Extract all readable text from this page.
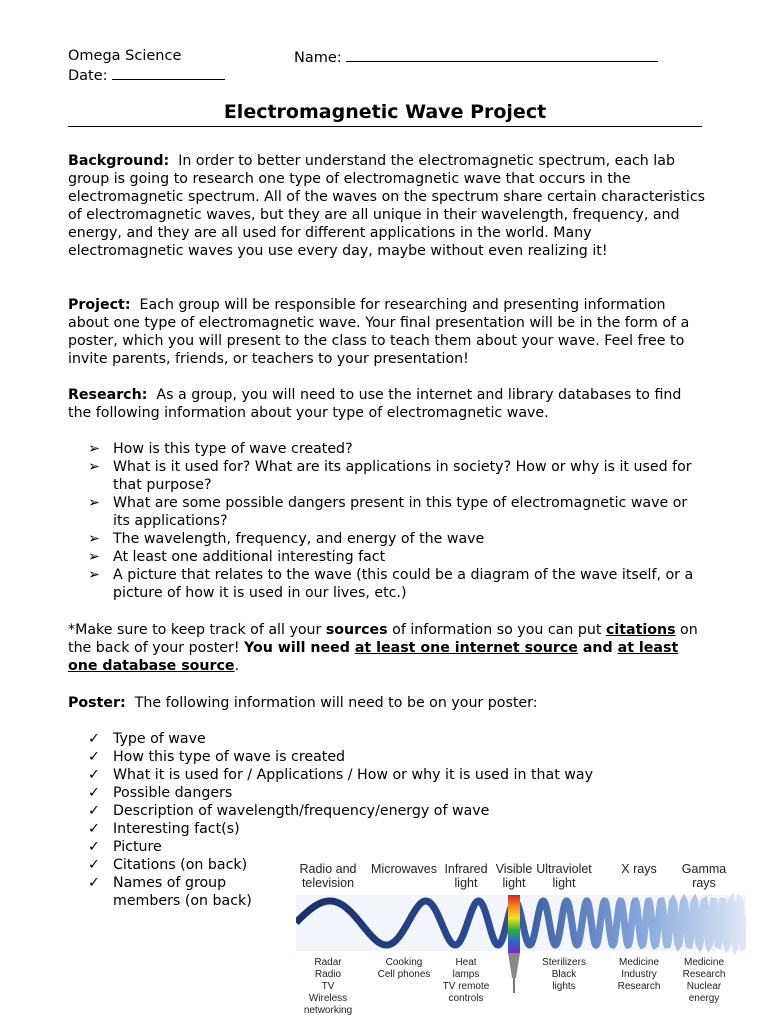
Omega Science	Name:
Date:
Electromagnetic Wave Project

Background: In order to better understand the electromagnetic spectrum, each lab group is going to research one type of electromagnetic wave that occurs in the electromagnetic spectrum. All of the waves on the spectrum share certain characteristics of electromagnetic waves, but they are all unique in their wavelength, frequency, and energy, and they are all used for different applications in the world. Many electromagnetic waves you use every day, maybe without even realizing it!

Project: Each group will be responsible for researching and presenting information about one type of electromagnetic wave. Your final presentation will be in the form of a poster, which you will present to the class to teach them about your wave. Feel free to invite parents, friends, or teachers to your presentation!

Research: As a group, you will need to use the internet and library databases to find the following information about your type of electromagnetic wave.

➢ How is this type of wave created?
➢ What is it used for? What are its applications in society? How or why is it used for that purpose?
➢ What are some possible dangers present in this type of electromagnetic wave or its applications?
➢ The wavelength, frequency, and energy of the wave
➢ At least one additional interesting fact
➢ A picture that relates to the wave (this could be a diagram of the wave itself, or a picture of how it is used in our lives, etc.)

*Make sure to keep track of all your sources of information so you can put citations on the back of your poster! You will need at least one internet source and at least one database source.

Poster: The following information will need to be on your poster:

✓ Type of wave
✓ How this type of wave is created
✓ What it is used for / Applications / How or why it is used in that way
✓ Possible dangers
✓ Description of wavelength/frequency/energy of wave
✓ Interesting fact(s)
✓ Picture
✓ Citations (on back)
✓ Names of group members (on back)
Radio and
television
Microwaves Infrared
light
Visible
light
Ultraviolet
light
X rays Gamma
rays
Radar
Radio
TV
Wireless
networking
Cooking
Cell phones
Heat
lamps
TV remote
controls
Sterilizers
Black
lights
Medicine
Industry
Research
Medicine
Research
Nuclear
energy
